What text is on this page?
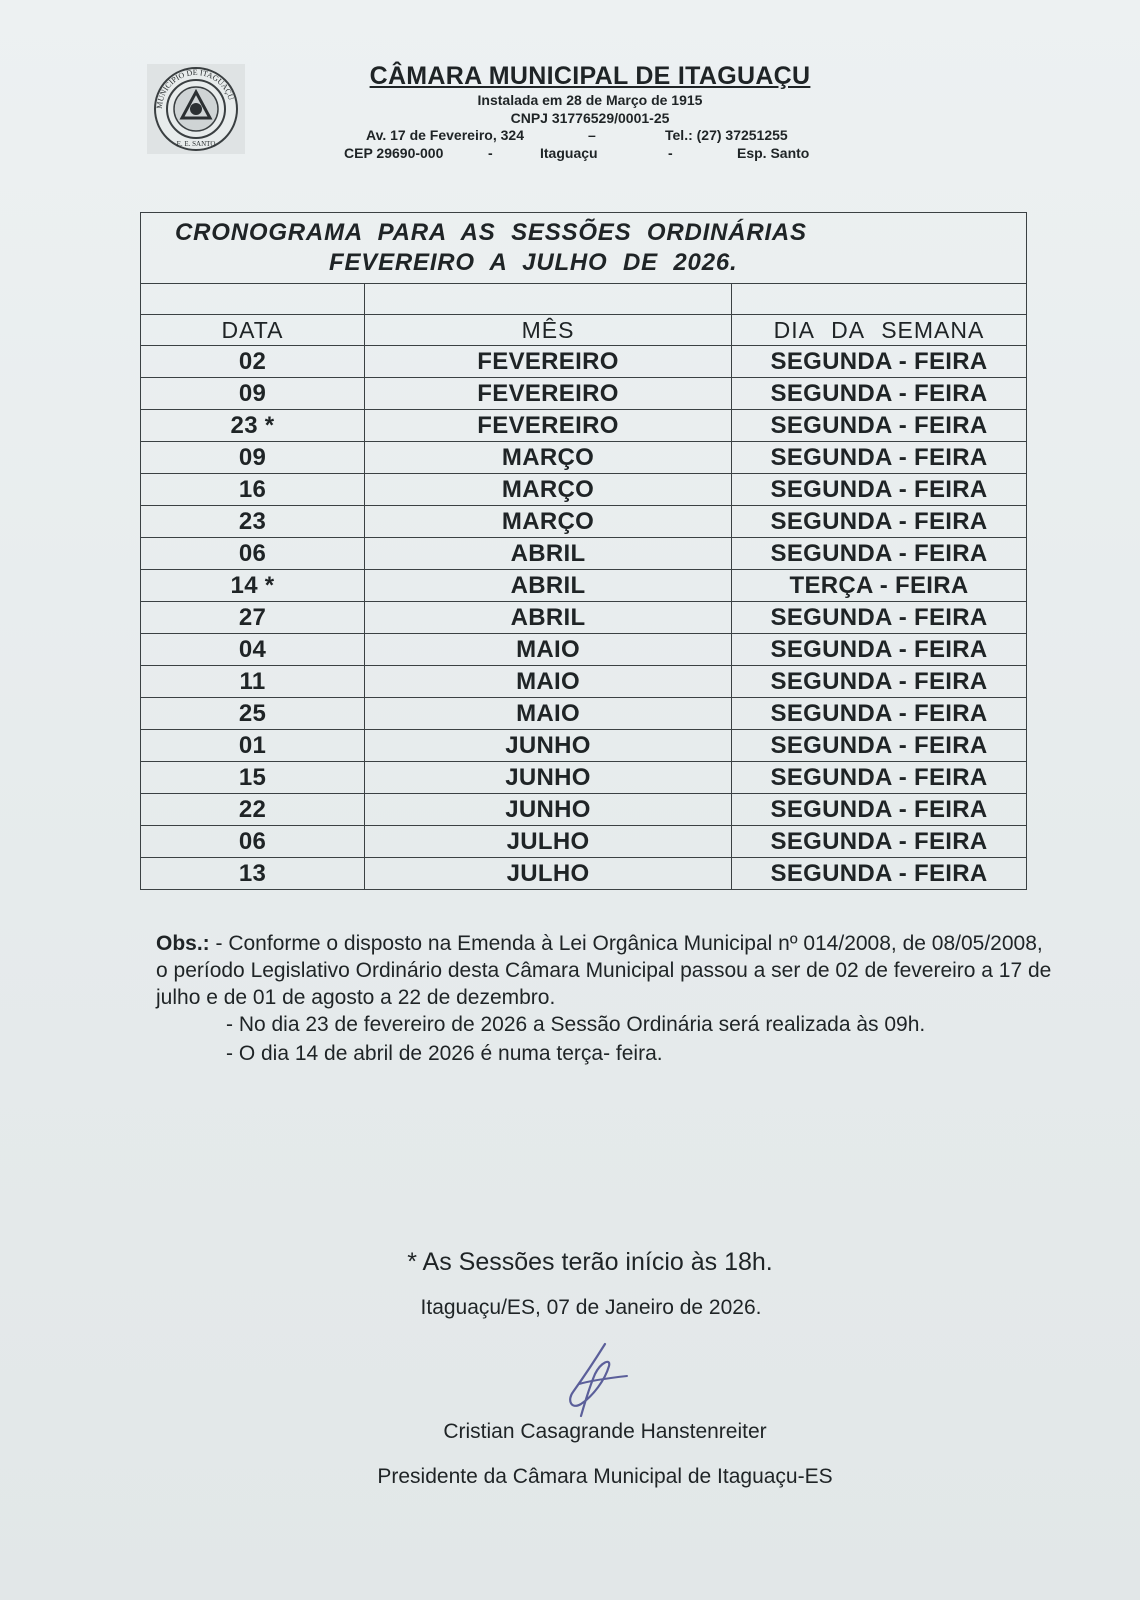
MUNICÍPIO DE ITAGUAÇU
E. E. SANTO
CÂMARA MUNICIPAL DE ITAGUAÇU
Instalada em 28 de Março de 1915
CNPJ 31776529/0001-25
Av. 17 de Fevereiro, 324	–	Tel.: (27) 37251255
CEP 29690-000	-	Itaguaçu	-	Esp. Santo
CRONOGRAMA PARA AS SESSÕES ORDINÁRIAS
FEVEREIRO A JULHO DE 2026.		

DATA	MÊS	DIA DA SEMANA
02	FEVEREIRO	SEGUNDA - FEIRA
09	FEVEREIRO	SEGUNDA - FEIRA
23 *	FEVEREIRO	SEGUNDA - FEIRA
09	MARÇO	SEGUNDA - FEIRA
16	MARÇO	SEGUNDA - FEIRA
23	MARÇO	SEGUNDA - FEIRA
06	ABRIL	SEGUNDA - FEIRA
14 *	ABRIL	TERÇA - FEIRA
27	ABRIL	SEGUNDA - FEIRA
04	MAIO	SEGUNDA - FEIRA
11	MAIO	SEGUNDA - FEIRA
25	MAIO	SEGUNDA - FEIRA
01	JUNHO	SEGUNDA - FEIRA
15	JUNHO	SEGUNDA - FEIRA
22	JUNHO	SEGUNDA - FEIRA
06	JULHO	SEGUNDA - FEIRA
13	JULHO	SEGUNDA - FEIRA
Obs.: - Conforme o disposto na Emenda à Lei Orgânica Municipal nº 014/2008, de 08/05/2008, o período Legislativo Ordinário desta Câmara Municipal passou a ser de 02 de fevereiro a 17 de julho e de 01 de agosto a 22 de dezembro.
- No dia 23 de fevereiro de 2026 a Sessão Ordinária será realizada às 09h.
- O dia 14 de abril de 2026 é numa terça- feira.
* As Sessões terão início às 18h.
Itaguaçu/ES, 07 de Janeiro de 2026.
Cristian Casagrande Hanstenreiter
Presidente da Câmara Municipal de Itaguaçu-ES
